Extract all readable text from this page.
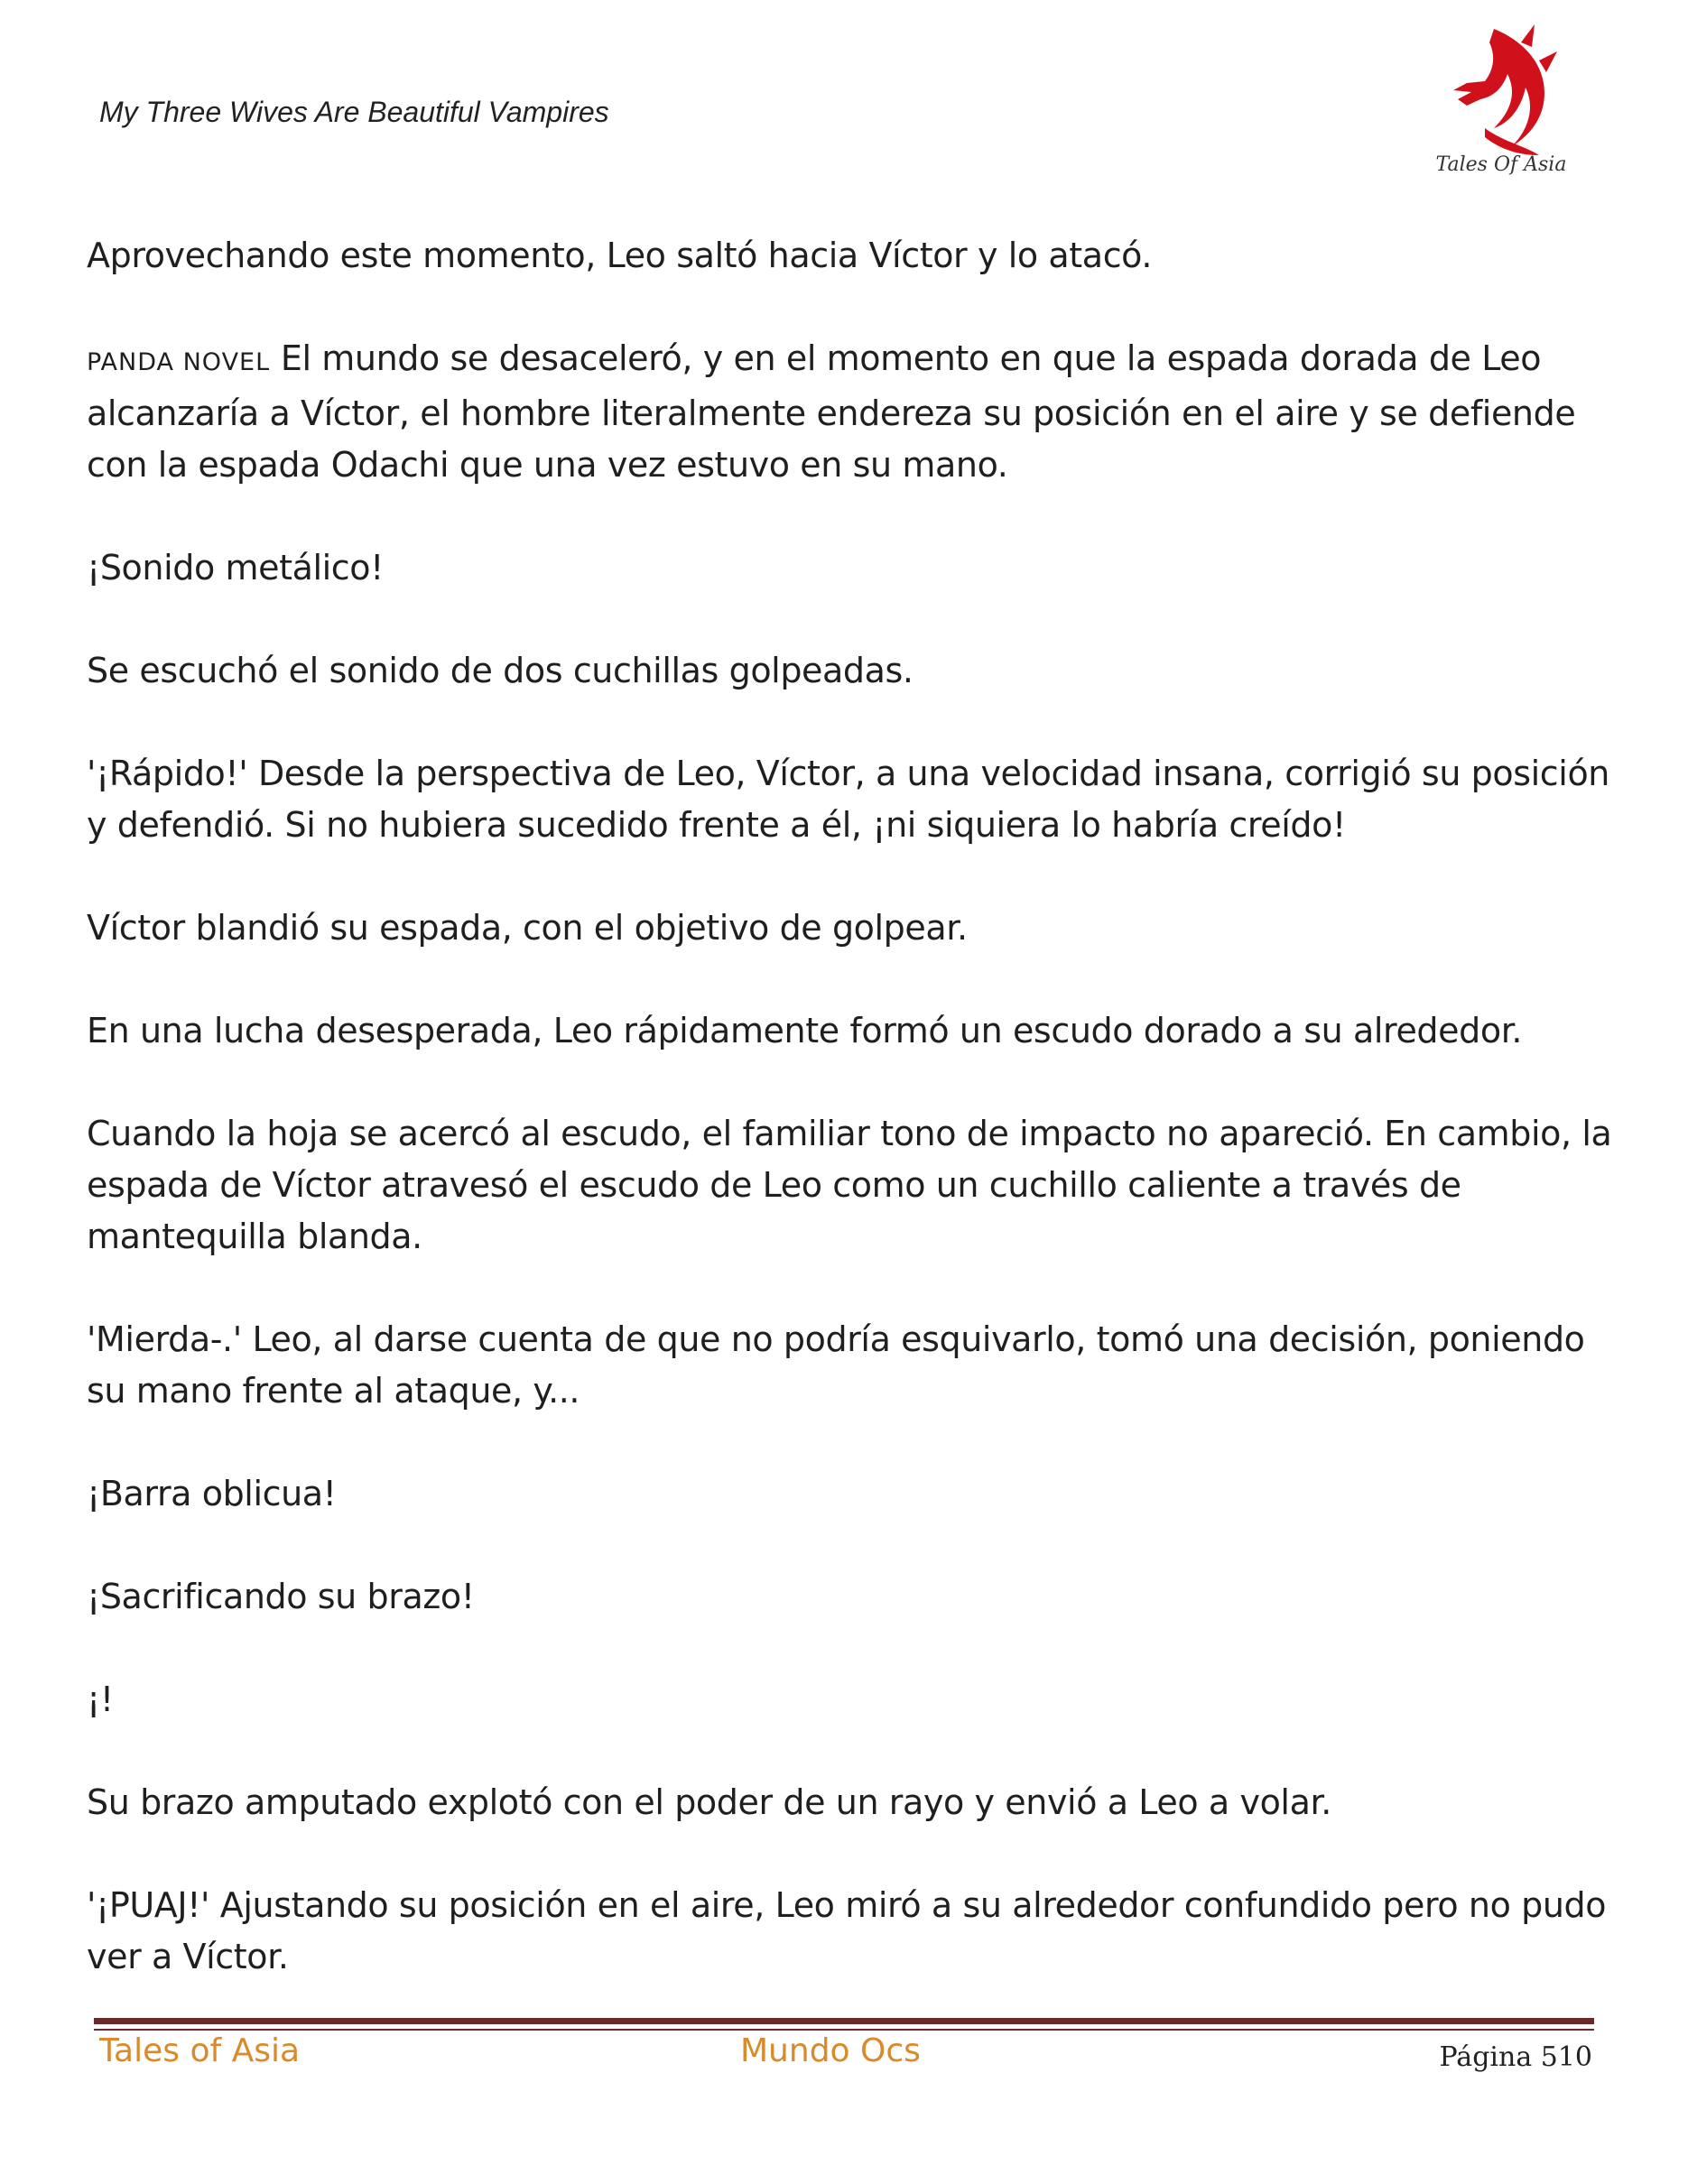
My Three Wives Are Beautiful Vampires
Tales Of Asia

Aprovechando este momento, Leo saltó hacia Víctor y lo atacó.

PANDA NOVEL El mundo se desaceleró, y en el momento en que la espada dorada de Leo alcanzaría a Víctor, el hombre literalmente endereza su posición en el aire y se defiende con la espada Odachi que una vez estuvo en su mano.

¡Sonido metálico!

Se escuchó el sonido de dos cuchillas golpeadas.

'¡Rápido!' Desde la perspectiva de Leo, Víctor, a una velocidad insana, corrigió su posición y defendió. Si no hubiera sucedido frente a él, ¡ni siquiera lo habría creído!

Víctor blandió su espada, con el objetivo de golpear.

En una lucha desesperada, Leo rápidamente formó un escudo dorado a su alrededor.

Cuando la hoja se acercó al escudo, el familiar tono de impacto no apareció. En cambio, la espada de Víctor atravesó el escudo de Leo como un cuchillo caliente a través de mantequilla blanda.

'Mierda-.' Leo, al darse cuenta de que no podría esquivarlo, tomó una decisión, poniendo su mano frente al ataque, y...

¡Barra oblicua!

¡Sacrificando su brazo!

¡!

Su brazo amputado explotó con el poder de un rayo y envió a Leo a volar.

'¡PUAJ!' Ajustando su posición en el aire, Leo miró a su alrededor confundido pero no pudo ver a Víctor.

Tales of Asia	Mundo Ocs	Página 510
